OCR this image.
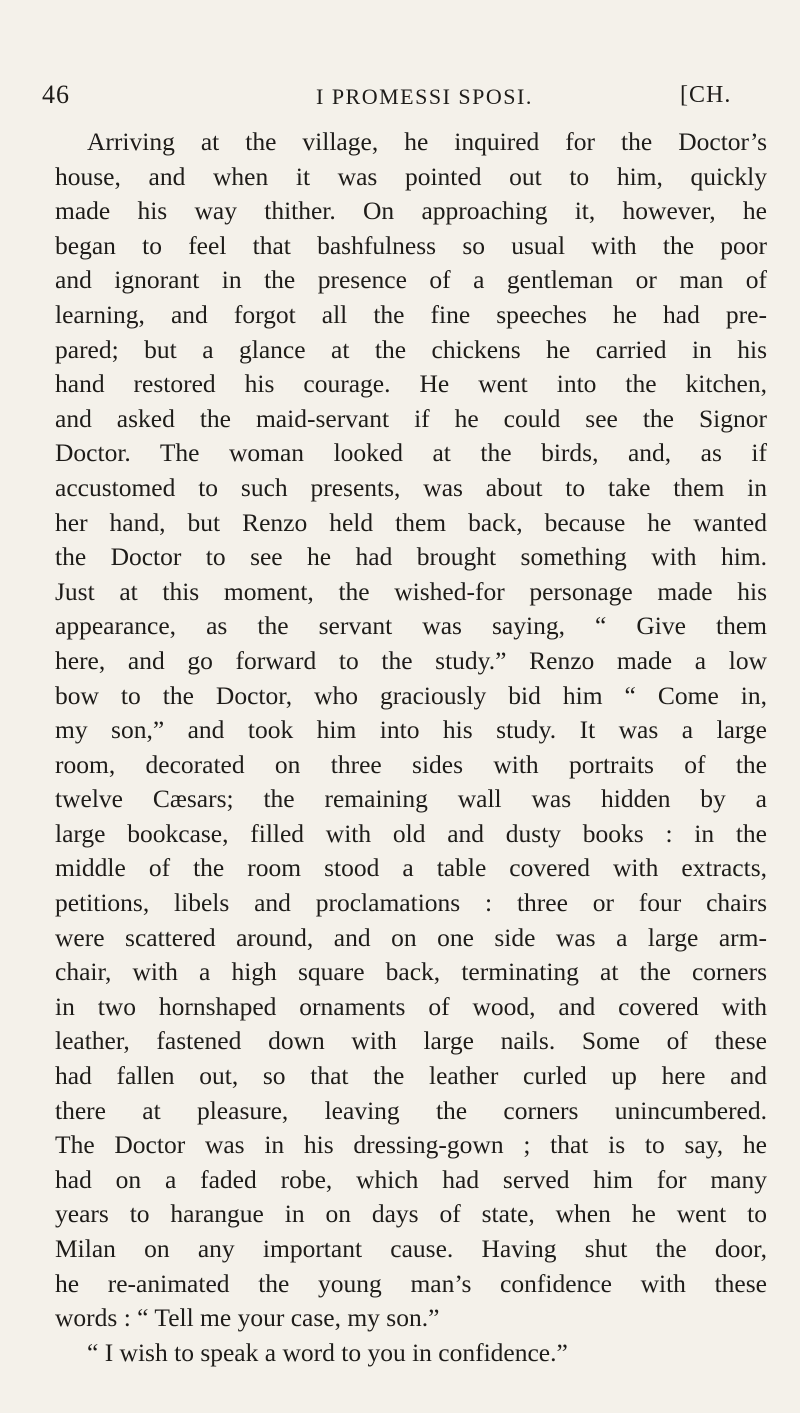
46	I PROMESSI SPOSI.	[CH.
Arriving at the village, he inquired for the Doctor’s
house, and when it was pointed out to him, quickly
made his way thither. On approaching it, however, he
began to feel that bashfulness so usual with the poor
and ignorant in the presence of a gentleman or man of
learning, and forgot all the fine speeches he had pre-
pared; but a glance at the chickens he carried in his
hand restored his courage. He went into the kitchen,
and asked the maid-servant if he could see the Signor
Doctor. The woman looked at the birds, and, as if
accustomed to such presents, was about to take them in
her hand, but Renzo held them back, because he wanted
the Doctor to see he had brought something with him.
Just at this moment, the wished-for personage made his
appearance, as the servant was saying, “ Give them
here, and go forward to the study.” Renzo made a low
bow to the Doctor, who graciously bid him “ Come in,
my son,” and took him into his study. It was a large
room, decorated on three sides with portraits of the
twelve Cæsars; the remaining wall was hidden by a
large bookcase, filled with old and dusty books : in the
middle of the room stood a table covered with extracts,
petitions, libels and proclamations : three or four chairs
were scattered around, and on one side was a large arm-
chair, with a high square back, terminating at the corners
in two hornshaped ornaments of wood, and covered with
leather, fastened down with large nails. Some of these
had fallen out, so that the leather curled up here and
there at pleasure, leaving the corners unincumbered.
The Doctor was in his dressing-gown ; that is to say, he
had on a faded robe, which had served him for many
years to harangue in on days of state, when he went to
Milan on any important cause. Having shut the door,
he re-animated the young man’s confidence with these
words : “ Tell me your case, my son.”
“ I wish to speak a word to you in confidence.”
